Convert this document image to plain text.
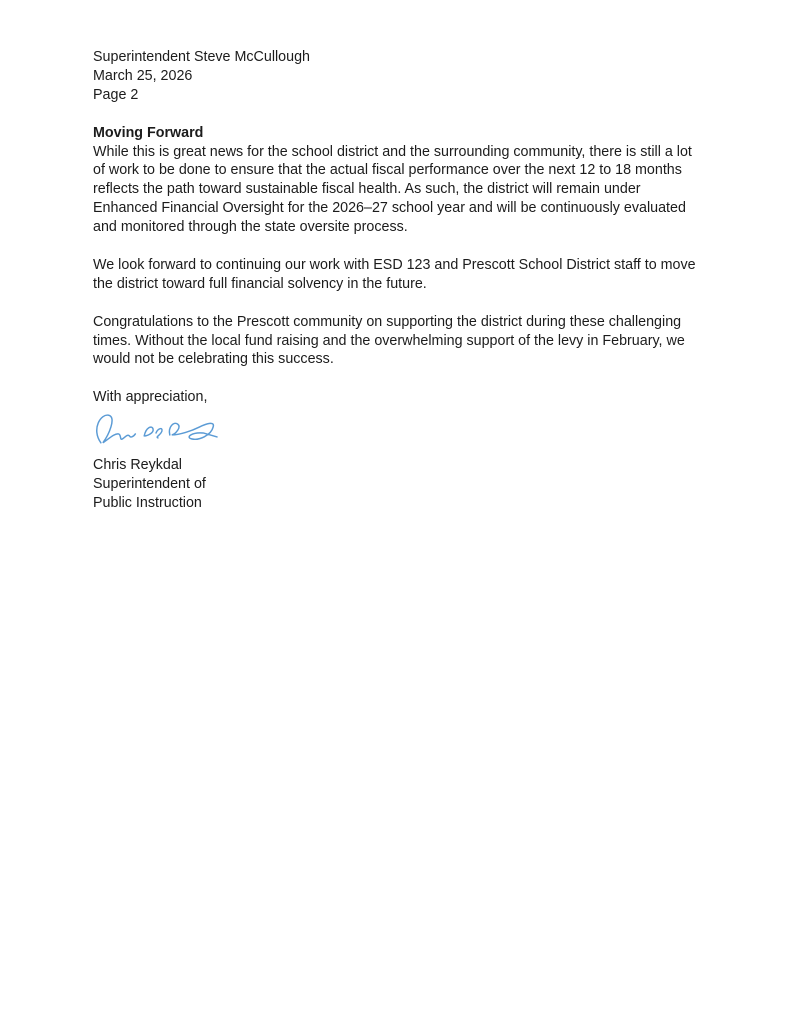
Superintendent Steve McCullough
March 25, 2026
Page 2
Moving Forward

While this is great news for the school district and the surrounding community, there is still a lot of work to be done to ensure that the actual fiscal performance over the next 12 to 18 months reflects the path toward sustainable fiscal health. As such, the district will remain under Enhanced Financial Oversight for the 2026–27 school year and will be continuously evaluated and monitored through the state oversite process.

We look forward to continuing our work with ESD 123 and Prescott School District staff to move the district toward full financial solvency in the future.

Congratulations to the Prescott community on supporting the district during these challenging times. Without the local fund raising and the overwhelming support of the levy in February, we would not be celebrating this success.

With appreciation,
Chris Reykdal
Superintendent of
Public Instruction
